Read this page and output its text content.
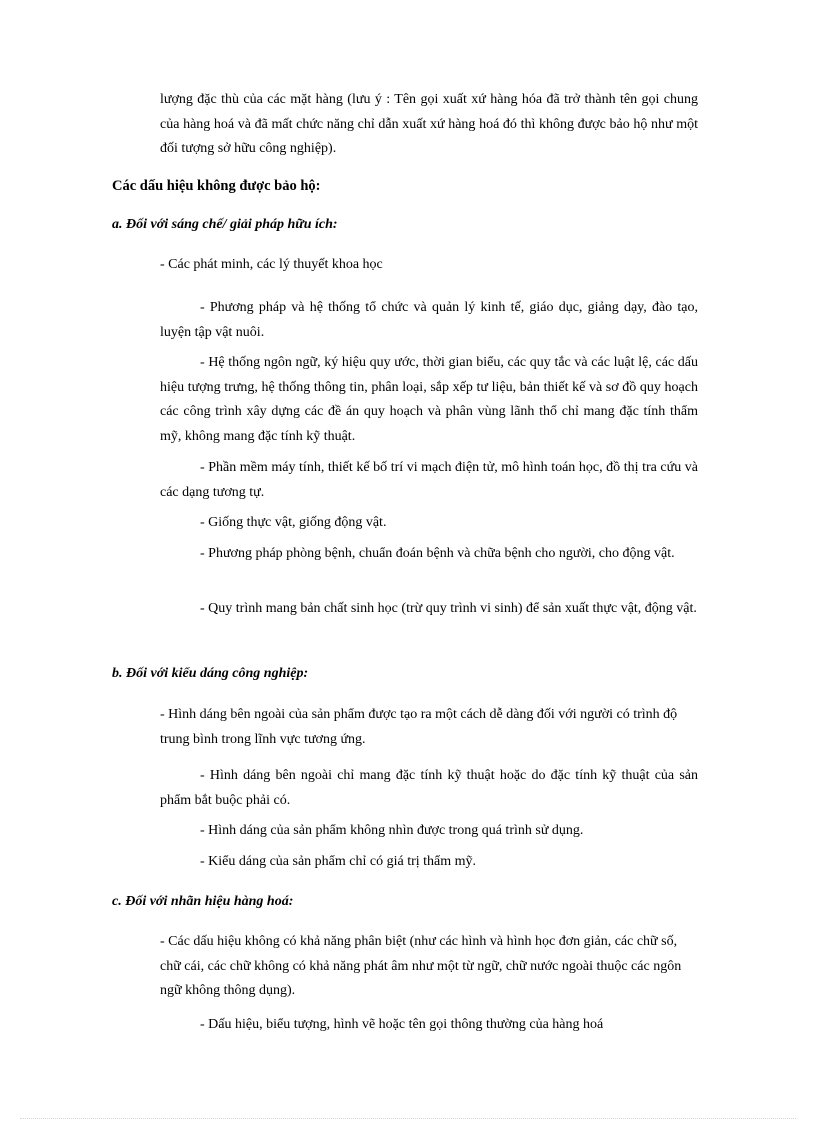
lượng đặc thù của các mặt hàng (lưu ý : Tên gọi xuất xứ hàng hóa đã trở thành tên gọi chung của hàng hoá và đã mất chức năng chỉ dẫn xuất xứ hàng hoá đó thì không được bảo hộ như một đối tượng sở hữu công nghiệp).
Các dấu hiệu không được bảo hộ:
a. Đối với sáng chế/ giải pháp hữu ích:
- Các phát minh, các lý thuyết khoa học
- Phương pháp và hệ thống tổ chức và quản lý kinh tế, giáo dục, giảng dạy, đào tạo, luyện tập vật nuôi.
- Hệ thống ngôn ngữ, ký hiệu quy ước, thời gian biểu, các quy tắc và các luật lệ, các dấu hiệu tượng trưng, hệ thống thông tin, phân loại, sắp xếp tư liệu, bản thiết kế và sơ đồ quy hoạch các công trình xây dựng các đề án quy hoạch và phân vùng lãnh thổ chỉ mang đặc tính thẩm mỹ, không mang đặc tính kỹ thuật.
- Phần mềm máy tính, thiết kế bố trí vi mạch điện tử, mô hình toán học, đồ thị tra cứu và các dạng tương tự.
- Giống thực vật, giống động vật.
- Phương pháp phòng bệnh, chuẩn đoán bệnh và chữa bệnh cho người, cho động vật.
- Quy trình mang bản chất sinh học (trừ quy trình vi sinh) để sản xuất thực vật, động vật.
b. Đối với kiểu dáng công nghiệp:
- Hình dáng bên ngoài của sản phẩm được tạo ra một cách dễ dàng đối với người có trình độ trung bình trong lĩnh vực tương ứng.
- Hình dáng bên ngoài chỉ mang đặc tính kỹ thuật hoặc do đặc tính kỹ thuật của sản phẩm bắt buộc phải có.
- Hình dáng của sản phẩm không nhìn được trong quá trình sử dụng.
- Kiểu dáng của sản phẩm chỉ có giá trị thẩm mỹ.
c. Đối với nhãn hiệu hàng hoá:
- Các dấu hiệu không có khả năng phân biệt (như các hình và hình học đơn giản, các chữ số, chữ cái, các chữ không có khả năng phát âm như một từ ngữ, chữ nước ngoài thuộc các ngôn ngữ không thông dụng).
- Dấu hiệu, biểu tượng, hình vẽ hoặc tên gọi thông thường của hàng hoá
